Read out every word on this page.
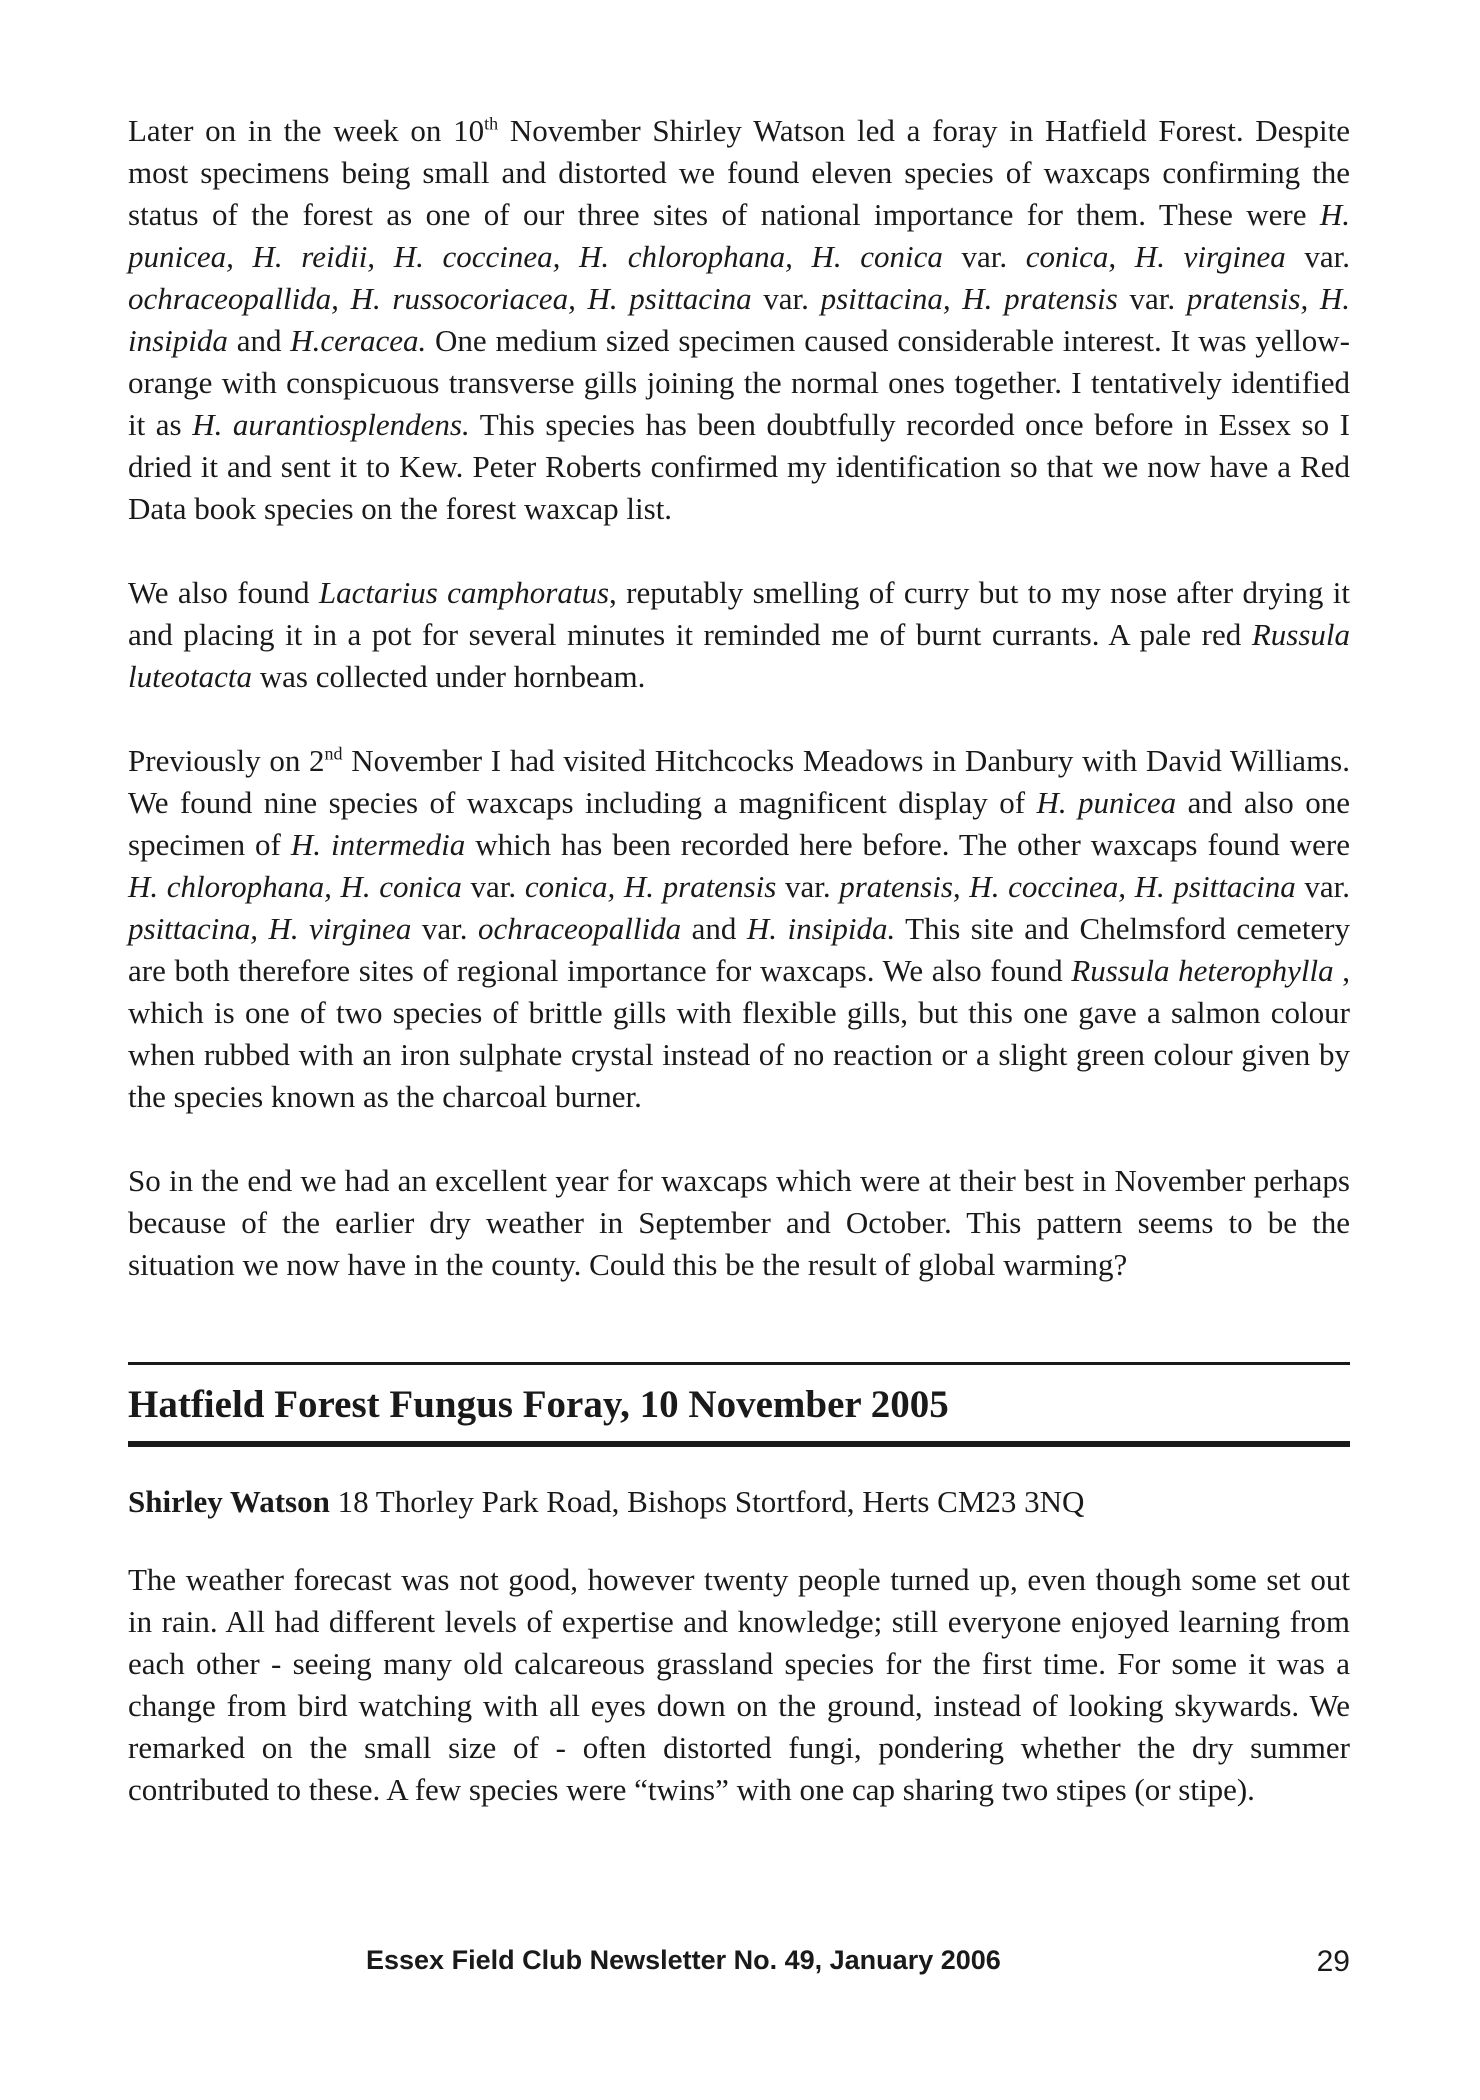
Later on in the week on 10th November Shirley Watson led a foray in Hatfield Forest. Despite most specimens being small and distorted we found eleven species of waxcaps confirming the status of the forest as one of our three sites of national importance for them. These were H. punicea, H. reidii, H. coccinea, H. chlorophana, H. conica var. conica, H. virginea var. ochraceopallida, H. russocoriacea, H. psittacina var. psittacina, H. pratensis var. pratensis, H. insipida and H.ceracea. One medium sized specimen caused considerable interest. It was yellow-orange with conspicuous transverse gills joining the normal ones together. I tentatively identified it as H. aurantiosplendens. This species has been doubtfully recorded once before in Essex so I dried it and sent it to Kew. Peter Roberts confirmed my identification so that we now have a Red Data book species on the forest waxcap list.

We also found Lactarius camphoratus, reputably smelling of curry but to my nose after drying it and placing it in a pot for several minutes it reminded me of burnt currants. A pale red Russula luteotacta was collected under hornbeam.

Previously on 2nd November I had visited Hitchcocks Meadows in Danbury with David Williams. We found nine species of waxcaps including a magnificent display of H. punicea and also one specimen of H. intermedia which has been recorded here before. The other waxcaps found were H. chlorophana, H. conica var. conica, H. pratensis var. pratensis, H. coccinea, H. psittacina var. psittacina, H. virginea var. ochraceopallida and H. insipida. This site and Chelmsford cemetery are both therefore sites of regional importance for waxcaps. We also found Russula heterophylla , which is one of two species of brittle gills with flexible gills, but this one gave a salmon colour when rubbed with an iron sulphate crystal instead of no reaction or a slight green colour given by the species known as the charcoal burner.

So in the end we had an excellent year for waxcaps which were at their best in November perhaps because of the earlier dry weather in September and October. This pattern seems to be the situation we now have in the county. Could this be the result of global warming?

Hatfield Forest Fungus Foray, 10 November 2005

Shirley Watson 18 Thorley Park Road, Bishops Stortford, Herts CM23 3NQ

The weather forecast was not good, however twenty people turned up, even though some set out in rain. All had different levels of expertise and knowledge; still everyone enjoyed learning from each other - seeing many old calcareous grassland species for the first time. For some it was a change from bird watching with all eyes down on the ground, instead of looking skywards. We remarked on the small size of - often distorted fungi, pondering whether the dry summer contributed to these. A few species were “twins” with one cap sharing two stipes (or stipe).

Essex Field Club Newsletter No. 49, January 2006	29
